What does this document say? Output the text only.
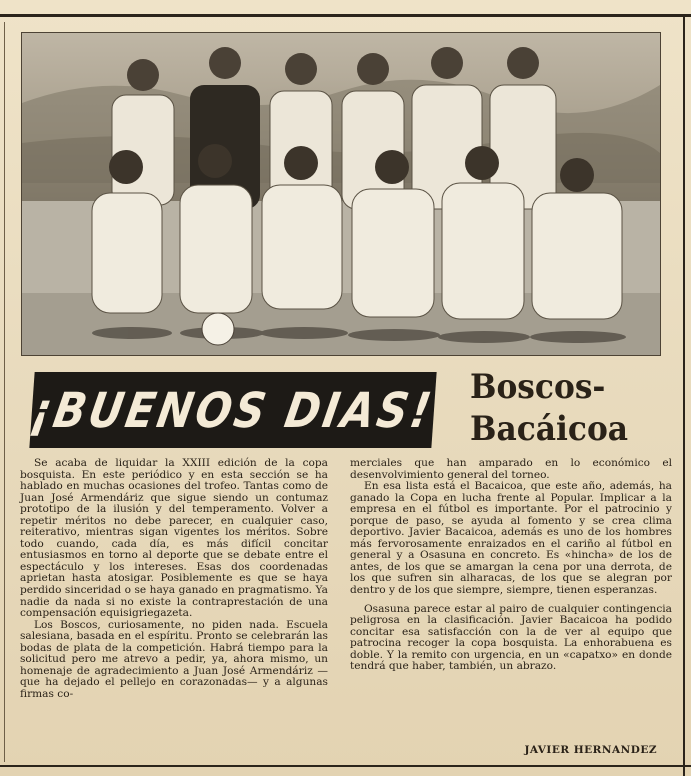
¡BUENOS DIAS! Boscos-
Bacáicoa

Se acaba de liquidar la XXIII edición de la copa bosquista. En este periódico y en esta sección se ha hablado en muchas ocasiones del trofeo. Tantas como de Juan José Armendáriz que sigue siendo un contumaz prototipo de la ilusión y del temperamento. Volver a repetir méritos no debe parecer, en cualquier caso, reiterativo, mientras sigan vigentes los méritos. Sobre todo cuando, cada día, es más difícil concitar entusiasmos en torno al deporte que se debate entre el espectáculo y los intereses. Esas dos coordenadas aprietan hasta atosigar. Posiblemente es que se haya perdido sinceridad o se haya ganado en pragmatismo. Ya nadie da nada si no existe la contraprestación de una compensación equisigriegazeta.

Los Boscos, curiosamente, no piden nada. Escuela salesiana, basada en el espíritu. Pronto se celebrarán las bodas de plata de la competición. Habrá tiempo para la solicitud pero me atrevo a pedir, ya, ahora mismo, un homenaje de agradecimiento a Juan José Armendáriz —que ha dejado el pellejo en corazonadas— y a algunas firmas co-

merciales que han amparado en lo económico el desenvolvimiento general del torneo.

En esa lista está el Bacaicoa, que este año, además, ha ganado la Copa en lucha frente al Popular. Implicar a la empresa en el fútbol es importante. Por el patrocinio y porque de paso, se ayuda al fomento y se crea clima deportivo. Javier Bacaicoa, además es uno de los hombres más fervorosamente enraizados en el cariño al fútbol en general y a Osasuna en concreto. Es «hincha» de los de antes, de los que se amargan la cena por una derrota, de los que sufren sin alharacas, de los que se alegran por dentro y de los que siempre, siempre, tienen esperanzas.

Osasuna parece estar al pairo de cualquier contingencia peligrosa en la clasificación. Javier Bacaicoa ha podido concitar esa satisfacción con la de ver al equipo que patrocina recoger la copa bosquista. La enhorabuena es doble. Y la remito con urgencia, en un «capatxo» en donde tendrá que haber, también, un abrazo.

JAVIER HERNANDEZ
